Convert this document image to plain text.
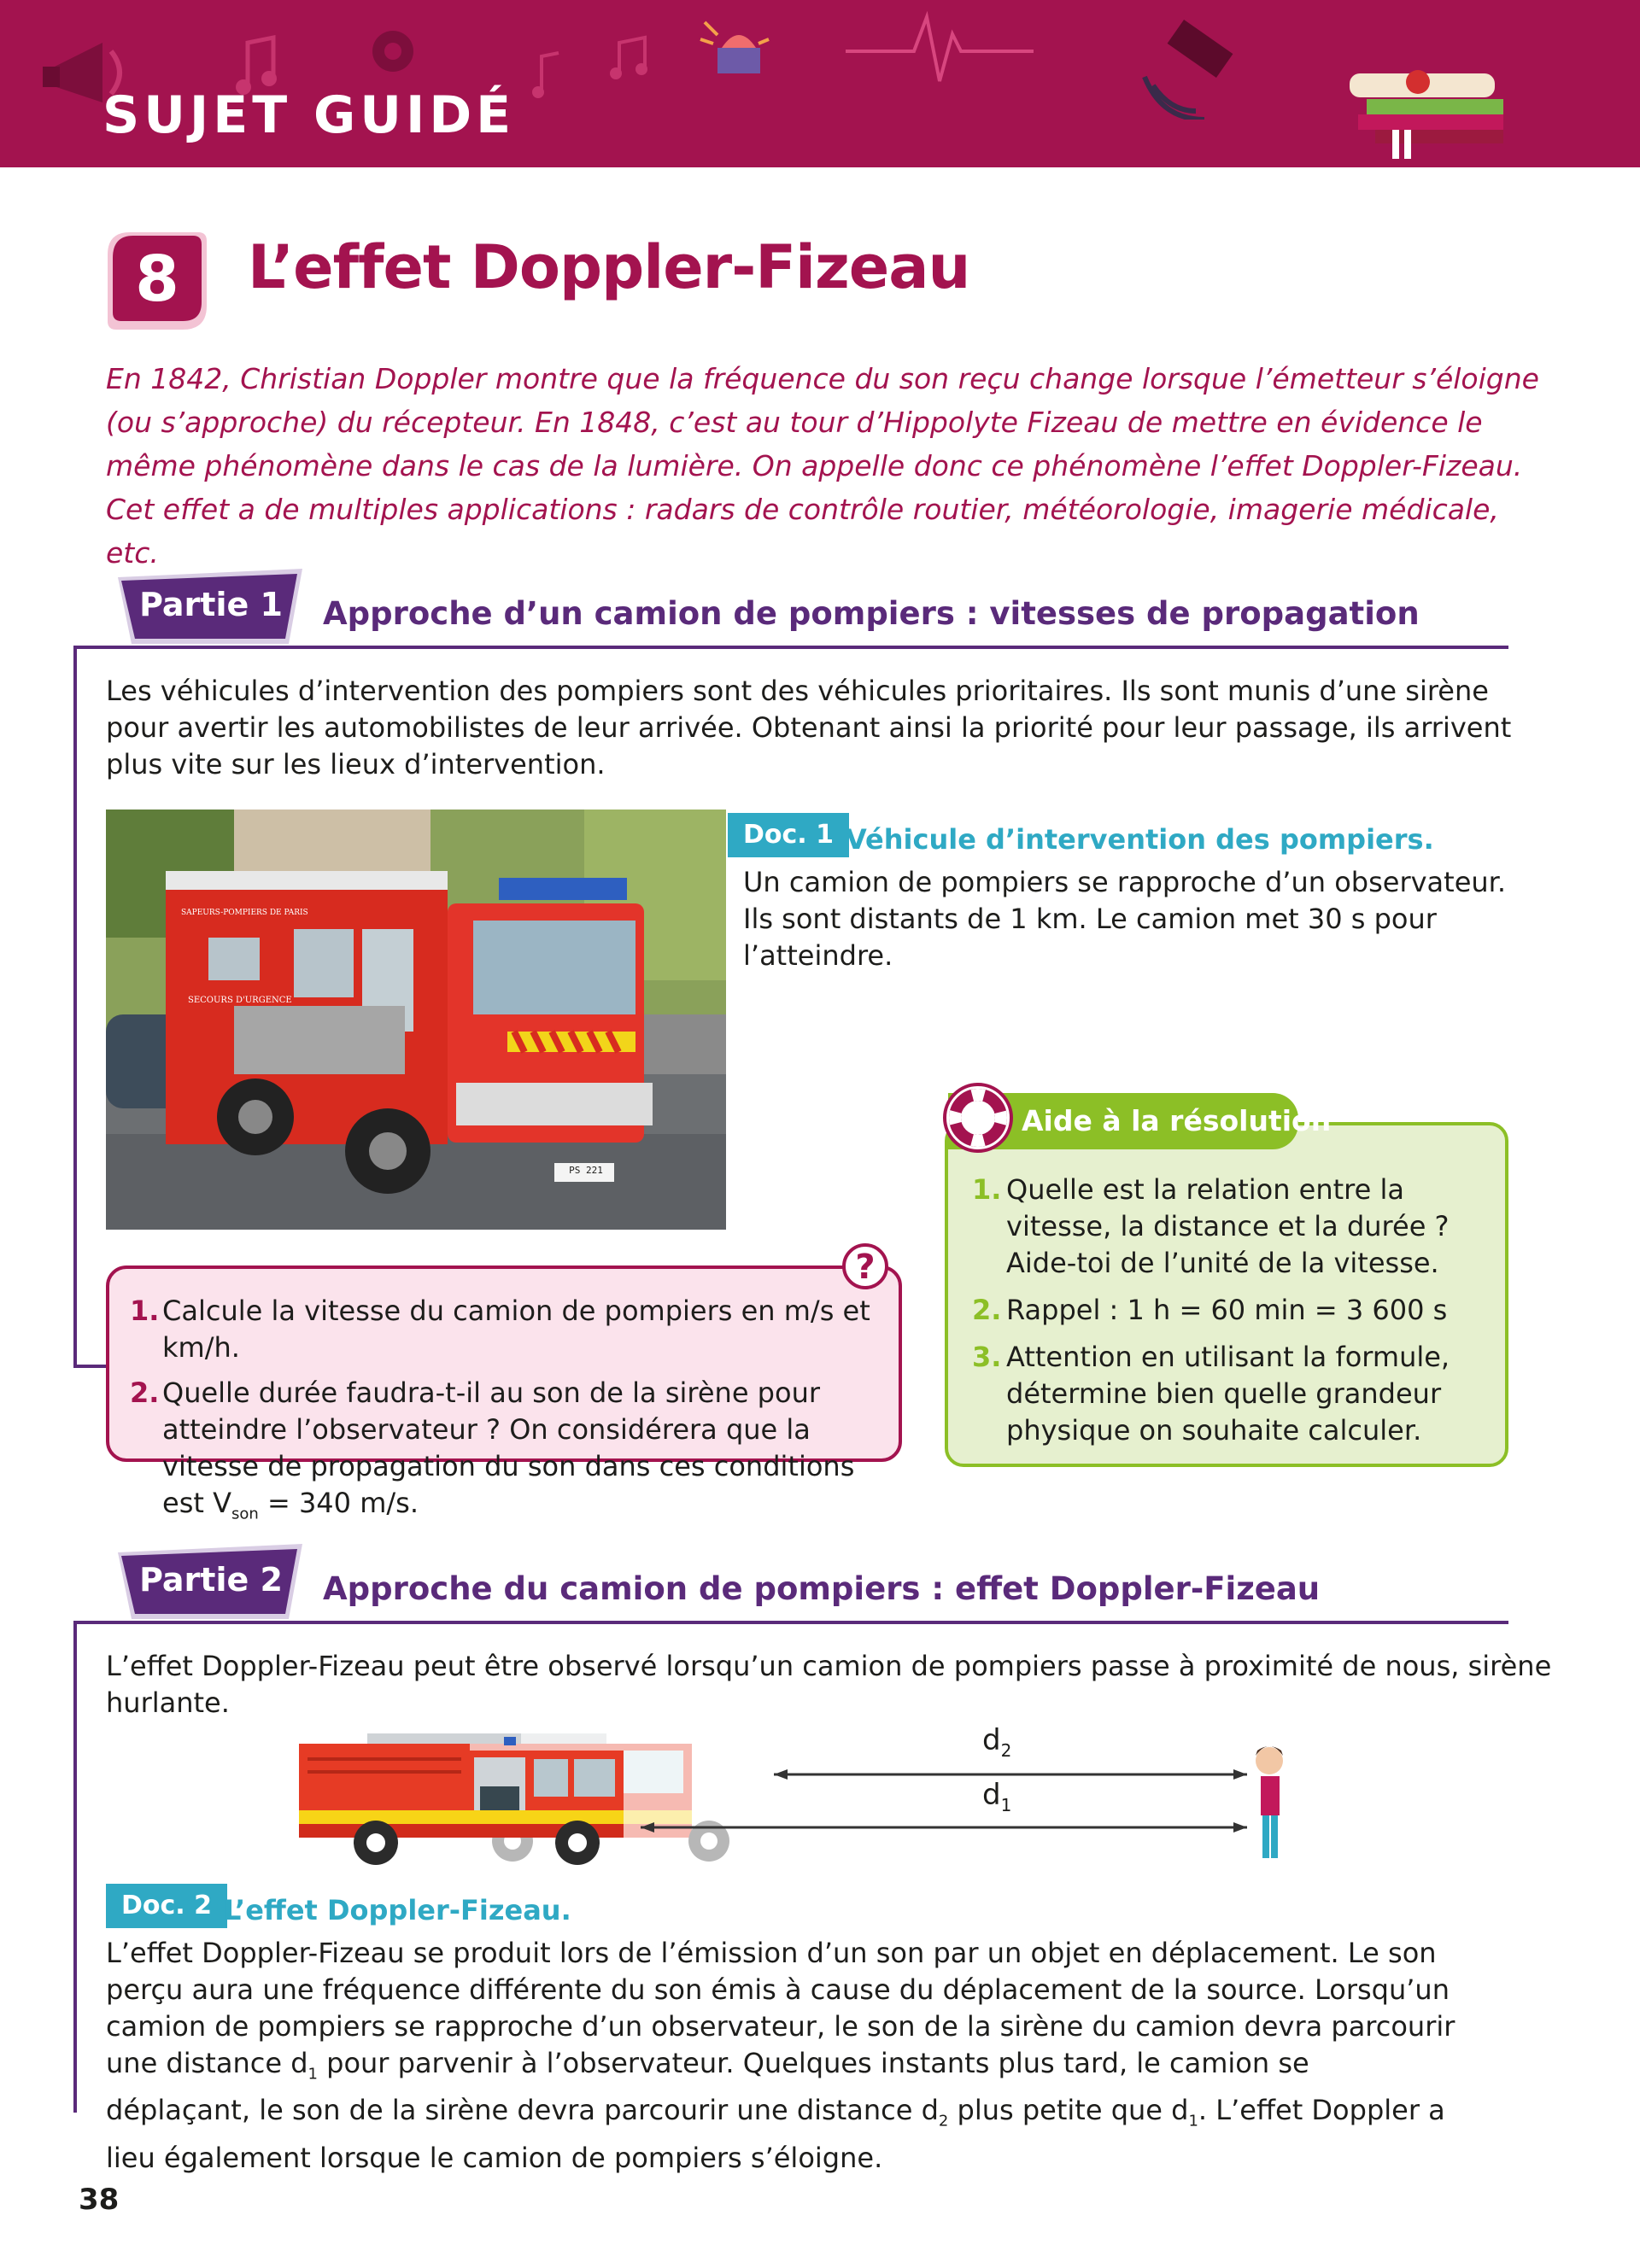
SUJET GUIDÉ
8	L’effet Doppler-Fizeau
En 1842, Christian Doppler montre que la fréquence du son reçu change lorsque l’émetteur s’éloigne (ou s’approche) du récepteur. En 1848, c’est au tour d’Hippolyte Fizeau de mettre en évidence le même phénomène dans le cas de la lumière. On appelle donc ce phénomène l’effet Doppler-Fizeau. Cet effet a de multiples applications : radars de contrôle routier, météorologie, imagerie médicale, etc.
Partie 1	Approche d’un camion de pompiers : vitesses de propagation
Les véhicules d’intervention des pompiers sont des véhicules prioritaires. Ils sont munis d’une sirène pour avertir les automobilistes de leur arrivée. Obtenant ainsi la priorité pour leur passage, ils arrivent plus vite sur les lieux d’intervention.
SAPEURS-POMPIERS DE PARIS
SECOURS D'URGENCE
PS 221
Doc. 1 Véhicule d’intervention des pompiers.
Un camion de pompiers se rapproche d’un observateur. Ils sont distants de 1 km. Le camion met 30 s pour l’atteindre.
Aide à la résolution
1. Quelle est la relation entre la vitesse, la distance et la durée ? Aide-toi de l’unité de la vitesse.
2. Rappel : 1 h = 60 min = 3 600 s
3. Attention en utilisant la formule, détermine bien quelle grandeur physique on souhaite calculer.
?
1. Calcule la vitesse du camion de pompiers en m/s et km/h.
2. Quelle durée faudra-t-il au son de la sirène pour atteindre l’observateur ? On considérera que la vitesse de propagation du son dans ces conditions est $V_{son} = 340$ m/s.
Partie 2	Approche du camion de pompiers : effet Doppler-Fizeau
L’effet Doppler-Fizeau peut être observé lorsqu’un camion de pompiers passe à proximité de nous, sirène hurlante.
$d_2$
$d_1$
Doc. 2 L’effet Doppler-Fizeau.
L’effet Doppler-Fizeau se produit lors de l’émission d’un son par un objet en déplacement. Le son perçu aura une fréquence différente du son émis à cause du déplacement de la source. Lorsqu’un camion de pompiers se rapproche d’un observateur, le son de la sirène du camion devra parcourir une distance $d_1$ pour parvenir à l’observateur. Quelques instants plus tard, le camion se déplaçant, le son de la sirène devra parcourir une distance $d_2$ plus petite que $d_1$. L’effet Doppler a lieu également lorsque le camion de pompiers s’éloigne.
38
